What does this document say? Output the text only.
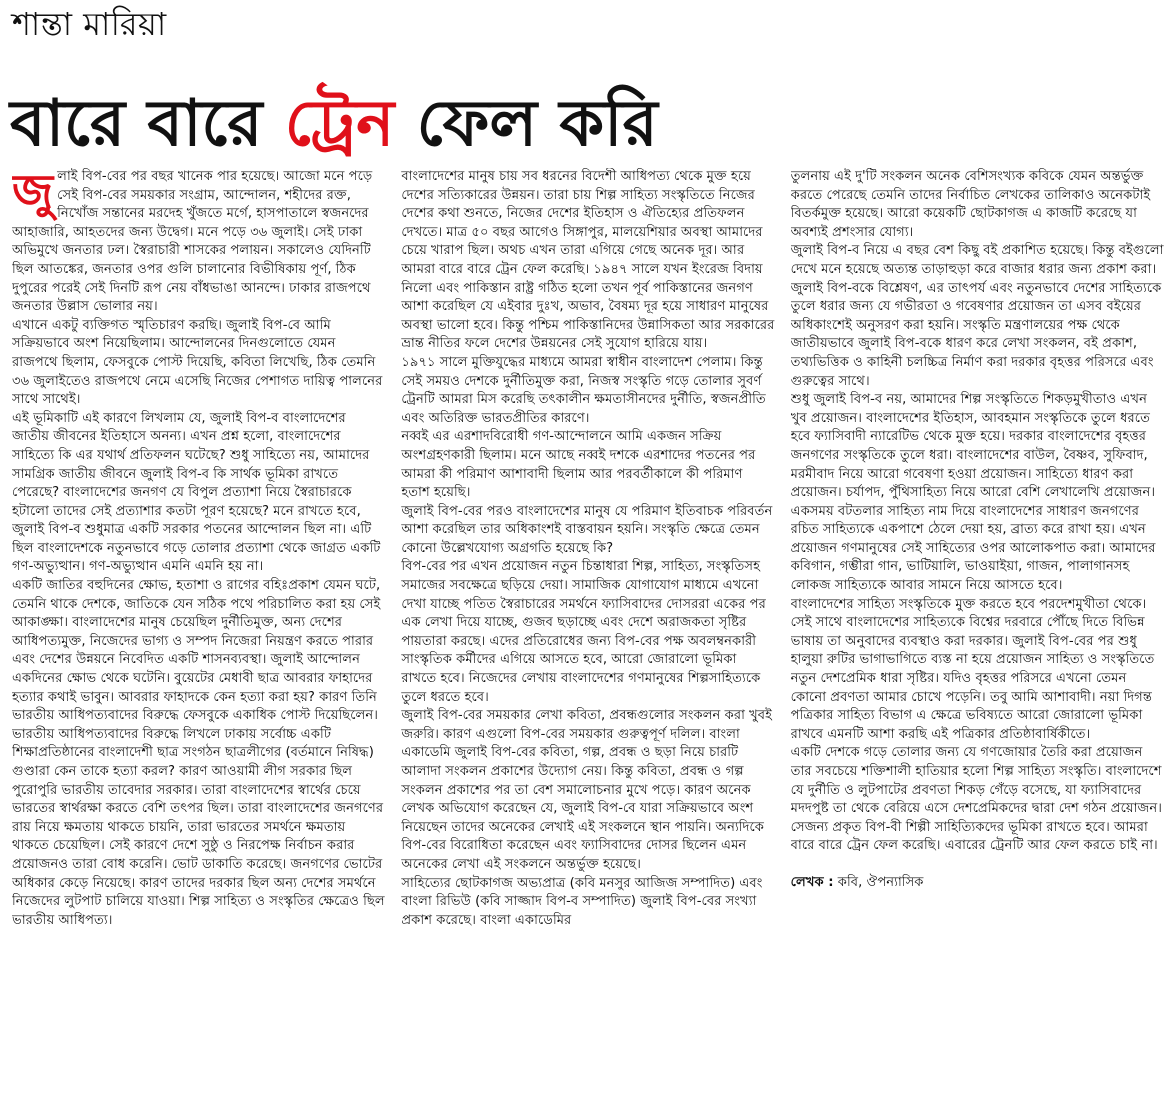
শান্তা মারিয়া
বারে বারে ট্রেন ফেল করি

জুলাই বিপ-বের পর বছর খানেক পার হয়েছে। আজো মনে পড়ে সেই বিপ-বের সময়কার সংগ্রাম, আন্দোলন, শহীদের রক্ত, নিখোঁজ সন্তানের মরদেহ খুঁজতে মর্গে, হাসপাতালে স্বজনদের আহাজারি, আহতদের জন্য উদ্বেগ। মনে পড়ে ৩৬ জুলাই। সেই ঢাকা অভিমুখে জনতার ঢল। স্বৈরাচারী শাসকের পলায়ন। সকালেও যেদিনটি ছিল আতঙ্কের, জনতার ওপর গুলি চালানোর বিভীষিকায় পূর্ণ, ঠিক দুপুরের পরেই সেই দিনটি রূপ নেয় বাঁধভাঙা আনন্দে। ঢাকার রাজপথে জনতার উল্লাস ভোলার নয়।

এখানে একটু ব্যক্তিগত স্মৃতিচারণ করছি। জুলাই বিপ-বে আমি সক্রিয়ভাবে অংশ নিয়েছিলাম। আন্দোলনের দিনগুলোতে যেমন রাজপথে ছিলাম, ফেসবুকে পোস্ট দিয়েছি, কবিতা লিখেছি, ঠিক তেমনি ৩৬ জুলাইতেও রাজপথে নেমে এসেছি নিজের পেশাগত দায়িত্ব পালনের সাথে সাথেই।

এই ভূমিকাটি এই কারণে লিখলাম যে, জুলাই বিপ-ব বাংলাদেশের জাতীয় জীবনের ইতিহাসে অনন্য। এখন প্রশ্ন হলো, বাংলাদেশের সাহিত্যে কি এর যথার্থ প্রতিফলন ঘটেছে? শুধু সাহিত্যে নয়, আমাদের সামগ্রিক জাতীয় জীবনে জুলাই বিপ-ব কি সার্থক ভূমিকা রাখতে পেরেছে? বাংলাদেশের জনগণ যে বিপুল প্রত্যাশা নিয়ে স্বৈরাচারকে হটালো তাদের সেই প্রত্যাশার কতটা পূরণ হয়েছে? মনে রাখতে হবে, জুলাই বিপ-ব শুধুমাত্র একটি সরকার পতনের আন্দোলন ছিল না। এটি ছিল বাংলাদেশকে নতুনভাবে গড়ে তোলার প্রত্যাশা থেকে জাগ্রত একটি গণ-অভ্যুত্থান। গণ-অভ্যুত্থান এমনি এমনি হয় না।

একটি জাতির বহুদিনের ক্ষোভ, হতাশা ও রাগের বহিঃপ্রকাশ যেমন ঘটে, তেমনি থাকে দেশকে, জাতিকে যেন সঠিক পথে পরিচালিত করা হয় সেই আকাঙ্ক্ষা। বাংলাদেশের মানুষ চেয়েছিল দুর্নীতিমুক্ত, অন্য দেশের আধিপত্যমুক্ত, নিজেদের ভাগ্য ও সম্পদ নিজেরা নিয়ন্ত্রণ করতে পারার এবং দেশের উন্নয়নে নিবেদিত একটি শাসনব্যবস্থা। জুলাই আন্দোলন একদিনের ক্ষোভ থেকে ঘটেনি। বুয়েটের মেধাবী ছাত্র আবরার ফাহাদের হত্যার কথাই ভাবুন। আবরার ফাহাদকে কেন হত্যা করা হয়? কারণ তিনি ভারতীয় আধিপত্যবাদের বিরুদ্ধে ফেসবুকে একাধিক পোস্ট দিয়েছিলেন। ভারতীয় আধিপত্যবাদের বিরুদ্ধে লিখলে ঢাকায় সর্বোচ্চ একটি শিক্ষাপ্রতিষ্ঠানের বাংলাদেশী ছাত্র সংগঠন ছাত্রলীগের (বর্তমানে নিষিদ্ধ) গুণ্ডারা কেন তাকে হত্যা করল? কারণ আওয়ামী লীগ সরকার ছিল পুরোপুরি ভারতীয় তাবেদার সরকার। তারা বাংলাদেশের স্বার্থের চেয়ে ভারতের স্বার্থরক্ষা করতে বেশি তৎপর ছিল। তারা বাংলাদেশের জনগণের রায় নিয়ে ক্ষমতায় থাকতে চায়নি, তারা ভারতের সমর্থনে ক্ষমতায় থাকতে চেয়েছিল। সেই কারণে দেশে সুষ্ঠু ও নিরপেক্ষ নির্বাচন করার প্রয়োজনও তারা বোধ করেনি। ভোট ডাকাতি করেছে। জনগণের ভোটের অধিকার কেড়ে নিয়েছে। কারণ তাদের দরকার ছিল অন্য দেশের সমর্থনে নিজেদের লুটপাট চালিয়ে যাওয়া। শিল্প সাহিত্য ও সংস্কৃতির ক্ষেত্রেও ছিল ভারতীয় আধিপত্য।

বাংলাদেশের মানুষ চায় সব ধরনের বিদেশী আধিপত্য থেকে মুক্ত হয়ে দেশের সত্যিকারের উন্নয়ন। তারা চায় শিল্প সাহিত্য সংস্কৃতিতে নিজের দেশের কথা শুনতে, নিজের দেশের ইতিহাস ও ঐতিহ্যের প্রতিফলন দেখতে। মাত্র ৫০ বছর আগেও সিঙ্গাপুর, মালয়েশিয়ার অবস্থা আমাদের চেয়ে খারাপ ছিল। অথচ এখন তারা এগিয়ে গেছে অনেক দূর। আর আমরা বারে বারে ট্রেন ফেল করেছি। ১৯৪৭ সালে যখন ইংরেজ বিদায় নিলো এবং পাকিস্তান রাষ্ট্র গঠিত হলো তখন পূর্ব পাকিস্তানের জনগণ আশা করেছিল যে এইবার দুঃখ, অভাব, বৈষম্য দূর হয়ে সাধারণ মানুষের অবস্থা ভালো হবে। কিন্তু পশ্চিম পাকিস্তানিদের উন্নাসিকতা আর সরকারের ভ্রান্ত নীতির ফলে দেশের উন্নয়নের সেই সুযোগ হারিয়ে যায়।

১৯৭১ সালে মুক্তিযুদ্ধের মাধ্যমে আমরা স্বাধীন বাংলাদেশ পেলাম। কিন্তু সেই সময়ও দেশকে দুর্নীতিমুক্ত করা, নিজস্ব সংস্কৃতি গড়ে তোলার সুবর্ণ ট্রেনটি আমরা মিস করেছি তৎকালীন ক্ষমতাসীনদের দুর্নীতি, স্বজনপ্রীতি এবং অতিরিক্ত ভারতপ্রীতির কারণে।

নব্বই এর এরশাদবিরোধী গণ-আন্দোলনে আমি একজন সক্রিয় অংশগ্রহণকারী ছিলাম। মনে আছে নব্বই দশকে এরশাদের পতনের পর আমরা কী পরিমাণ আশাবাদী ছিলাম আর পরবর্তীকালে কী পরিমাণ হতাশ হয়েছি।

জুলাই বিপ-বের পরও বাংলাদেশের মানুষ যে পরিমাণ ইতিবাচক পরিবর্তন আশা করেছিল তার অধিকাংশই বাস্তবায়ন হয়নি। সংস্কৃতি ক্ষেত্রে তেমন কোনো উল্লেখযোগ্য অগ্রগতি হয়েছে কি?

বিপ-বের পর এখন প্রয়োজন নতুন চিন্তাধারা শিল্প, সাহিত্য, সংস্কৃতিসহ সমাজের সবক্ষেত্রে ছড়িয়ে দেয়া। সামাজিক যোগাযোগ মাধ্যমে এখনো দেখা যাচ্ছে পতিত স্বৈরাচারের সমর্থনে ফ্যাসিবাদের দোসররা একের পর এক লেখা দিয়ে যাচ্ছে, গুজব ছড়াচ্ছে এবং দেশে অরাজকতা সৃষ্টির পায়তারা করছে। এদের প্রতিরোধের জন্য বিপ-বের পক্ষ অবলম্বনকারী সাংস্কৃতিক কর্মীদের এগিয়ে আসতে হবে, আরো জোরালো ভূমিকা রাখতে হবে। নিজেদের লেখায় বাংলাদেশের গণমানুষের শিল্পসাহিত্যকে তুলে ধরতে হবে।

জুলাই বিপ-বের সময়কার লেখা কবিতা, প্রবন্ধগুলোর সংকলন করা খুবই জরুরি। কারণ এগুলো বিপ-বের সময়কার গুরুত্বপূর্ণ দলিল। বাংলা একাডেমি জুলাই বিপ-বের কবিতা, গল্প, প্রবন্ধ ও ছড়া নিয়ে চারটি আলাদা সংকলন প্রকাশের উদ্যোগ নেয়। কিন্তু কবিতা, প্রবন্ধ ও গল্প সংকলন প্রকাশের পর তা বেশ সমালোচনার মুখে পড়ে। কারণ অনেক লেখক অভিযোগ করেছেন যে, জুলাই বিপ-বে যারা সক্রিয়ভাবে অংশ নিয়েছেন তাদের অনেকের লেখাই এই সংকলনে স্থান পায়নি। অন্যদিকে বিপ-বের বিরোধিতা করেছেন এবং ফ্যাসিবাদের দোসর ছিলেন এমন অনেকের লেখা এই সংকলনে অন্তর্ভুক্ত হয়েছে।

সাহিত্যের ছোটকাগজ অভ্যপ্রাত্র (কবি মনসুর আজিজ সম্পাদিত) এবং বাংলা রিভিউ (কবি সাজ্জাদ বিপ-ব সম্পাদিত) জুলাই বিপ-বের সংখ্যা প্রকাশ করেছে। বাংলা একাডেমির

তুলনায় এই দু'টি সংকলন অনেক বেশিসংখ্যক কবিকে যেমন অন্তর্ভুক্ত করতে পেরেছে তেমনি তাদের নির্বাচিত লেখকের তালিকাও অনেকটাই বিতর্কমুক্ত হয়েছে। আরো কয়েকটি ছোটকাগজ এ কাজটি করেছে যা অবশ্যই প্রশংসার যোগ্য।

জুলাই বিপ-ব নিয়ে এ বছর বেশ কিছু বই প্রকাশিত হয়েছে। কিন্তু বইগুলো দেখে মনে হয়েছে অত্যন্ত তাড়াহুড়া করে বাজার ধরার জন্য প্রকাশ করা। জুলাই বিপ-বকে বিশ্লেষণ, এর তাৎপর্য এবং নতুনভাবে দেশের সাহিত্যকে তুলে ধরার জন্য যে গভীরতা ও গবেষণার প্রয়োজন তা এসব বইয়ের অধিকাংশেই অনুসরণ করা হয়নি। সংস্কৃতি মন্ত্রণালয়ের পক্ষ থেকে জাতীয়ভাবে জুলাই বিপ-বকে ধারণ করে লেখা সংকলন, বই প্রকাশ, তথ্যভিত্তিক ও কাহিনী চলচ্চিত্র নির্মাণ করা দরকার বৃহত্তর পরিসরে এবং গুরুত্বের সাথে।

শুধু জুলাই বিপ-ব নয়, আমাদের শিল্প সংস্কৃতিতে শিকড়মুখীতাও এখন খুব প্রয়োজন। বাংলাদেশের ইতিহাস, আবহমান সংস্কৃতিকে তুলে ধরতে হবে ফ্যাসিবাদী ন্যারেটিভ থেকে মুক্ত হয়ে। দরকার বাংলাদেশের বৃহত্তর জনগণের সংস্কৃতিকে তুলে ধরা। বাংলাদেশের বাউল, বৈষ্ণব, সুফিবাদ, মরমীবাদ নিয়ে আরো গবেষণা হওয়া প্রয়োজন। সাহিত্যে ধারণ করা প্রয়োজন। চর্যাপদ, পুঁথিসাহিত্য নিয়ে আরো বেশি লেখালেখি প্রয়োজন। একসময় বটতলার সাহিত্য নাম দিয়ে বাংলাদেশের সাধারণ জনগণের রচিত সাহিত্যকে একপাশে ঠেলে দেয়া হয়, ব্রাত্য করে রাখা হয়। এখন প্রয়োজন গণমানুষের সেই সাহিত্যের ওপর আলোকপাত করা। আমাদের কবিগান, গম্ভীরা গান, ভাটিয়ালি, ভাওয়াইয়া, গাজন, পালাগানসহ লোকজ সাহিত্যকে আবার সামনে নিয়ে আসতে হবে।

বাংলাদেশের সাহিত্য সংস্কৃতিকে মুক্ত করতে হবে পরদেশমুখীতা থেকে। সেই সাথে বাংলাদেশের সাহিত্যকে বিশ্বের দরবারে পৌঁছে দিতে বিভিন্ন ভাষায় তা অনুবাদের ব্যবস্থাও করা দরকার। জুলাই বিপ-বের পর শুধু হালুয়া রুটির ভাগাভাগিতে ব্যস্ত না হয়ে প্রয়োজন সাহিত্য ও সংস্কৃতিতে নতুন দেশপ্রেমিক ধারা সৃষ্টির। যদিও বৃহত্তর পরিসরে এখনো তেমন কোনো প্রবণতা আমার চোখে পড়েনি। তবু আমি আশাবাদী। নয়া দিগন্ত পত্রিকার সাহিত্য বিভাগ এ ক্ষেত্রে ভবিষ্যতে আরো জোরালো ভূমিকা রাখবে এমনটি আশা করছি এই পত্রিকার প্রতিষ্ঠাবার্ষিকীতে।

একটি দেশকে গড়ে তোলার জন্য যে গণজোয়ার তৈরি করা প্রয়োজন তার সবচেয়ে শক্তিশালী হাতিয়ার হলো শিল্প সাহিত্য সংস্কৃতি। বাংলাদেশে যে দুর্নীতি ও লুটপাটের প্রবণতা শিকড় গেঁড়ে বসেছে, যা ফ্যাসিবাদের মদদপুষ্ট তা থেকে বেরিয়ে এসে দেশপ্রেমিকদের দ্বারা দেশ গঠন প্রয়োজন। সেজন্য প্রকৃত বিপ-বী শিল্পী সাহিত্যিকদের ভূমিকা রাখতে হবে। আমরা বারে বারে ট্রেন ফেল করেছি। এবারের ট্রেনটি আর ফেল করতে চাই না।

লেখক : কবি, ঔপন্যাসিক
